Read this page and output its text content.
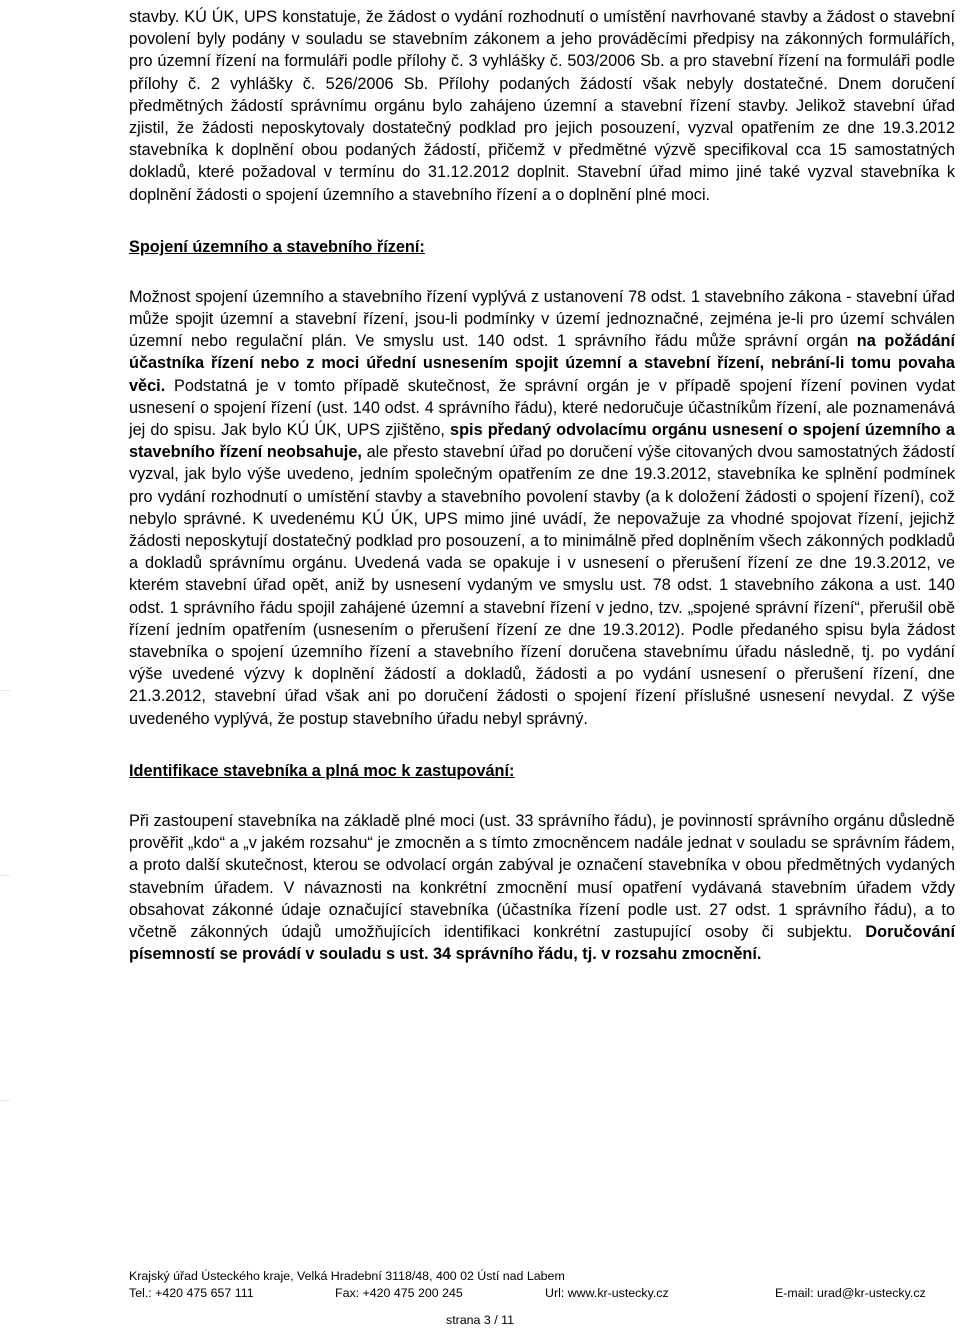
stavby. KÚ ÚK, UPS konstatuje, že žádost o vydání rozhodnutí o umístění navrhované stavby a žádost o stavební povolení byly podány v souladu se stavebním zákonem a jeho prováděcími předpisy na zákonných formulářích, pro územní řízení na formuláři podle přílohy č. 3 vyhlášky č. 503/2006 Sb. a pro stavební řízení na formuláři podle přílohy č. 2 vyhlášky č. 526/2006 Sb. Přílohy podaných žádostí však nebyly dostatečné. Dnem doručení předmětných žádostí správnímu orgánu bylo zahájeno územní a stavební řízení stavby. Jelikož stavební úřad zjistil, že žádosti neposkytovaly dostatečný podklad pro jejich posouzení, vyzval opatřením ze dne 19.3.2012 stavebníka k doplnění obou podaných žádostí, přičemž v předmětné výzvě specifikoval cca 15 samostatných dokladů, které požadoval v termínu do 31.12.2012 doplnit. Stavební úřad mimo jiné také vyzval stavebníka k doplnění žádosti o spojení územního a stavebního řízení a o doplnění plné moci.

Spojení územního a stavebního řízení:

Možnost spojení územního a stavebního řízení vyplývá z ustanovení 78 odst. 1 stavebního zákona - stavební úřad může spojit územní a stavební řízení, jsou-li podmínky v území jednoznačné, zejména je-li pro území schválen územní nebo regulační plán. Ve smyslu ust. 140 odst. 1 správního řádu může správní orgán na požádání účastníka řízení nebo z moci úřední usnesením spojit územní a stavební řízení, nebrání-li tomu povaha věci. Podstatná je v tomto případě skutečnost, že správní orgán je v případě spojení řízení povinen vydat usnesení o spojení řízení (ust. 140 odst. 4 správního řádu), které nedoručuje účastníkům řízení, ale poznamenává jej do spisu. Jak bylo KÚ ÚK, UPS zjištěno, spis předaný odvolacímu orgánu usnesení o spojení územního a stavebního řízení neobsahuje, ale přesto stavební úřad po doručení výše citovaných dvou samostatných žádostí vyzval, jak bylo výše uvedeno, jedním společným opatřením ze dne 19.3.2012, stavebníka ke splnění podmínek pro vydání rozhodnutí o umístění stavby a stavebního povolení stavby (a k doložení žádosti o spojení řízení), což nebylo správné. K uvedenému KÚ ÚK, UPS mimo jiné uvádí, že nepovažuje za vhodné spojovat řízení, jejichž žádosti neposkytují dostatečný podklad pro posouzení, a to minimálně před doplněním všech zákonných podkladů a dokladů správnímu orgánu. Uvedená vada se opakuje i v usnesení o přerušení řízení ze dne 19.3.2012, ve kterém stavební úřad opět, aniž by usnesení vydaným ve smyslu ust. 78 odst. 1 stavebního zákona a ust. 140 odst. 1 správního řádu spojil zahájené územní a stavební řízení v jedno, tzv. „spojené správní řízení“, přerušil obě řízení jedním opatřením (usnesením o přerušení řízení ze dne 19.3.2012). Podle předaného spisu byla žádost stavebníka o spojení územního řízení a stavebního řízení doručena stavebnímu úřadu následně, tj. po vydání výše uvedené výzvy k doplnění žádostí a dokladů, žádosti a po vydání usnesení o přerušení řízení, dne 21.3.2012, stavební úřad však ani po doručení žádosti o spojení řízení příslušné usnesení nevydal. Z výše uvedeného vyplývá, že postup stavebního úřadu nebyl správný.

Identifikace stavebníka a plná moc k zastupování:

Při zastoupení stavebníka na základě plné moci (ust. 33 správního řádu), je povinností správního orgánu důsledně prověřit „kdo“ a „v jakém rozsahu“ je zmocněn a s tímto zmocněncem nadále jednat v souladu se správním řádem, a proto další skutečnost, kterou se odvolací orgán zabýval je označení stavebníka v obou předmětných vydaných stavebním úřadem. V návaznosti na konkrétní zmocnění musí opatření vydávaná stavebním úřadem vždy obsahovat zákonné údaje označující stavebníka (účastníka řízení podle ust. 27 odst. 1 správního řádu), a to včetně zákonných údajů umožňujících identifikaci konkrétní zastupující osoby či subjektu. Doručování písemností se provádí v souladu s ust. 34 správního řádu, tj. v rozsahu zmocnění.

Krajský úřad Ústeckého kraje, Velká Hradební 3118/48, 400 02 Ústí nad Labem
Tel.: +420 475 657 111	Fax: +420 475 200 245	Url: www.kr-ustecky.cz	E-mail: urad@kr-ustecky.cz
strana 3 / 11
